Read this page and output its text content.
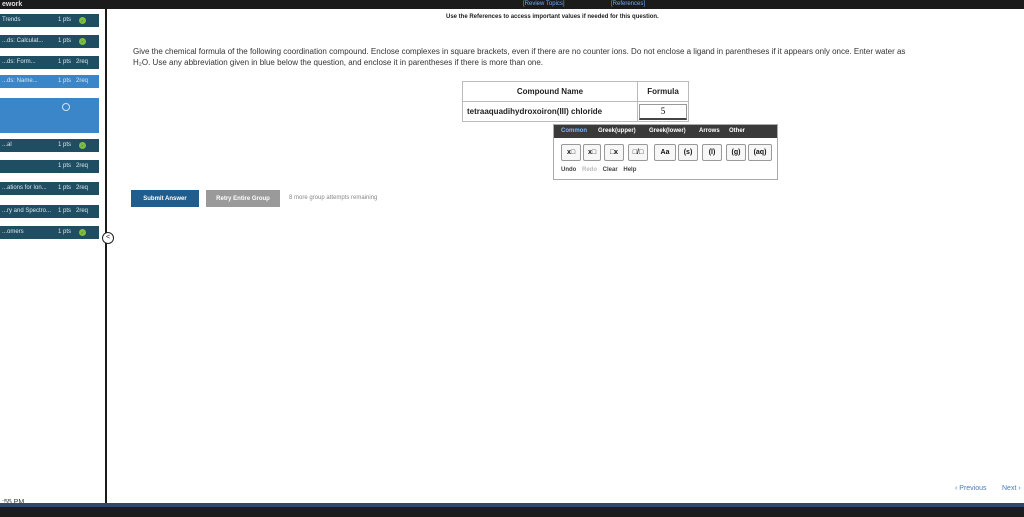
ework	[Review Topics]	[References]
Trends	1 pts	✓
...ds: Calculat...	1 pts	✓
...ds: Form...	1 pts 2req
...ds: Name...	1 pts 2req
...al	1 pts	✓
1 pts 2req
...ations for Ion...	1 pts 2req
...ry and Spectro... 1 pts 2req
...omers	1 pts	✓
<
Use the References to access important values if needed for this question.
Give the chemical formula of the following coordination compound. Enclose complexes in square brackets, even if there are no counter ions. Do not enclose a ligand in parentheses if it appears only once. Enter water as
H₂O. Use any abbreviation given in blue below the question, and enclose it in parentheses if there is more than one.
Compound Name	Formula
tetraaquadihydroxoiron(III) chloride	5
Common Greek(upper) Greek(lower) Arrows Other
x□	x□	□x	□/□	Aa	(s)	(l)	(g)	(aq)
Undo Redo Clear Help
Submit Answer	Retry Entire Group	8 more group attempts remaining
‹ Previous Next ›
